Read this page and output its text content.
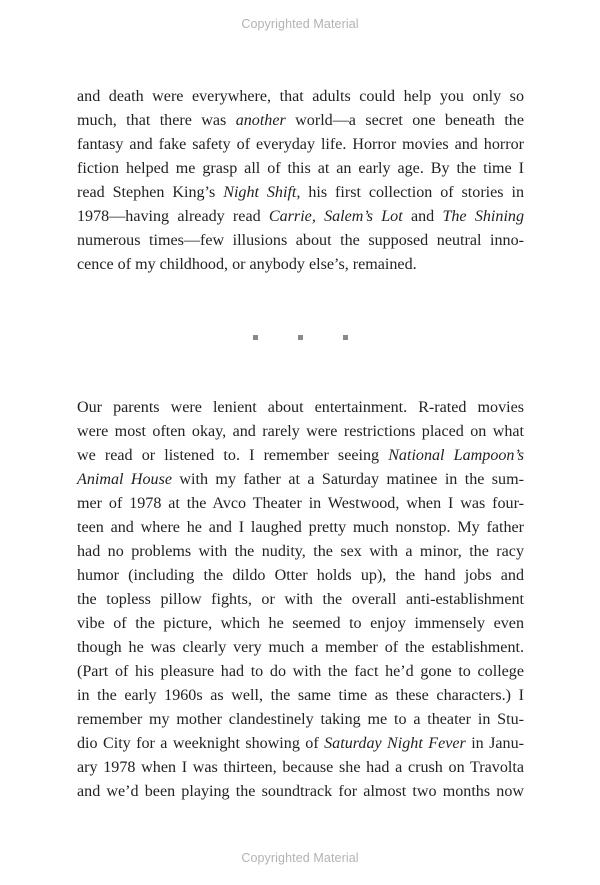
Copyrighted Material
and death were everywhere, that adults could help you only so
much, that there was another world—a secret one beneath the
fantasy and fake safety of everyday life. Horror movies and horror
fiction helped me grasp all of this at an early age. By the time I
read Stephen King’s Night Shift, his first collection of stories in
1978—having already read Carrie, Salem’s Lot and The Shining
numerous times—few illusions about the supposed neutral inno-
cence of my childhood, or anybody else’s, remained.
Our parents were lenient about entertainment. R-rated movies
were most often okay, and rarely were restrictions placed on what
we read or listened to. I remember seeing National Lampoon’s
Animal House with my father at a Saturday matinee in the sum-
mer of 1978 at the Avco Theater in Westwood, when I was four-
teen and where he and I laughed pretty much nonstop. My father
had no problems with the nudity, the sex with a minor, the racy
humor (including the dildo Otter holds up), the hand jobs and
the topless pillow fights, or with the overall anti-establishment
vibe of the picture, which he seemed to enjoy immensely even
though he was clearly very much a member of the establishment.
(Part of his pleasure had to do with the fact he’d gone to college
in the early 1960s as well, the same time as these characters.) I
remember my mother clandestinely taking me to a theater in Stu-
dio City for a weeknight showing of Saturday Night Fever in Janu-
ary 1978 when I was thirteen, because she had a crush on Travolta
and we’d been playing the soundtrack for almost two months now
Copyrighted Material
